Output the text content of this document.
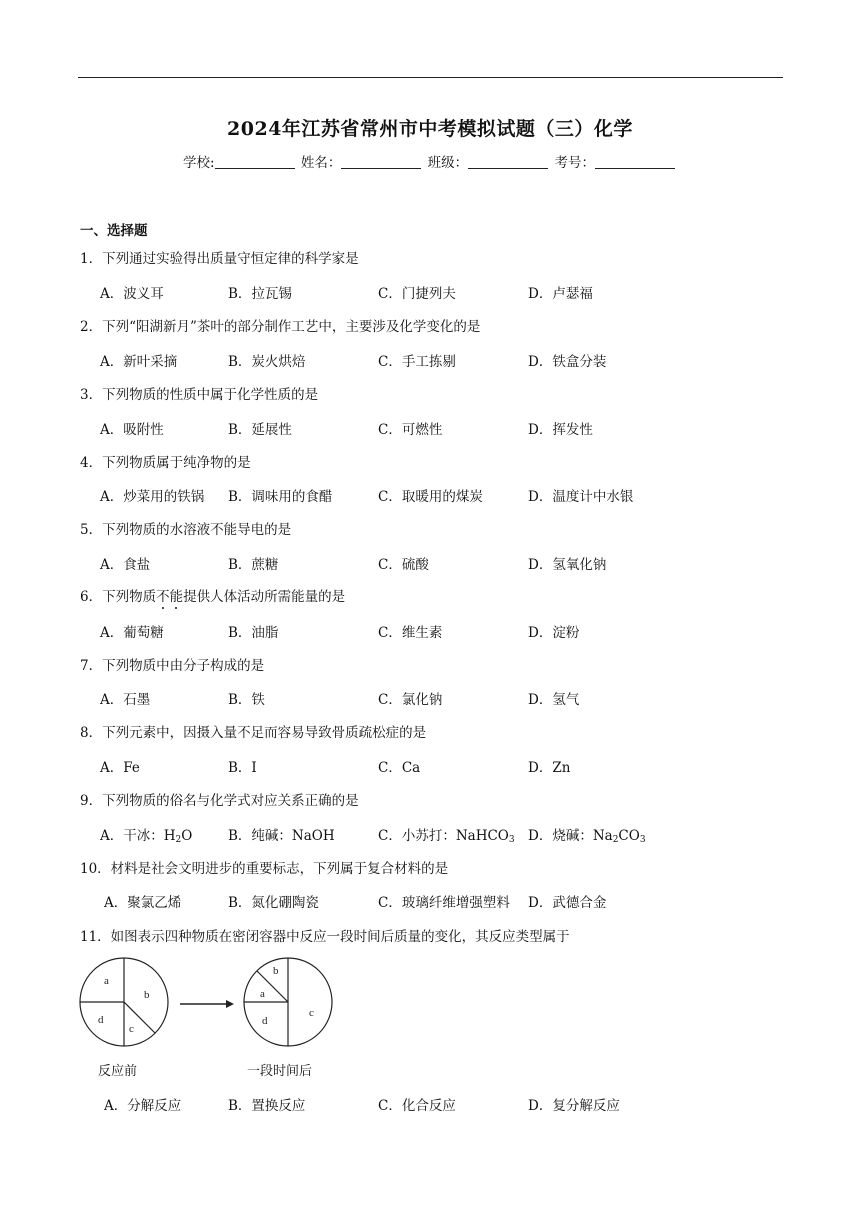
2024年江苏省常州市中考模拟试题（三）化学
学校:	姓名：	班级：	考号：
一、选择题
1．下列通过实验得出质量守恒定律的科学家是
A．波义耳	B．拉瓦锡	C．门捷列夫	D．卢瑟福
2．下列“阳湖新月”茶叶的部分制作工艺中，主要涉及化学变化的是
A．新叶采摘	B．炭火烘焙	C．手工拣剔	D．铁盒分装
3．下列物质的性质中属于化学性质的是
A．吸附性	B．延展性	C．可燃性	D．挥发性
4．下列物质属于纯净物的是
A．炒菜用的铁锅 B．调味用的食醋	C．取暖用的煤炭	D．温度计中水银
5．下列物质的水溶液不能导电的是
A．食盐	B．蔗糖	C．硫酸	D．氢氧化钠
6．下列物质不能提供人体活动所需能量的是
A．葡萄糖	B．油脂	C．维生素	D．淀粉
7．下列物质中由分子构成的是
A．石墨	B．铁	C．氯化钠	D．氢气
8．下列元素中，因摄入量不足而容易导致骨质疏松症的是
A．Fe	B．I	C．Ca	D．Zn
9．下列物质的俗名与化学式对应关系正确的是
A．干冰：$H_2O$	B．纯碱：NaOH	C．小苏打：NaHCO$_3$ D．烧碱：$Na_2CO_3$
10．材料是社会文明进步的重要标志，下列属于复合材料的是
A．聚氯乙烯	B．氮化硼陶瓷	C．玻璃纤维增强塑料 D．武德合金
11．如图表示四种物质在密闭容器中反应一段时间后质量的变化，其反应类型属于
a
b
c
d
a
b
c
d
反应前	一段时间后
A．分解反应	B．置换反应	C．化合反应	D．复分解反应
